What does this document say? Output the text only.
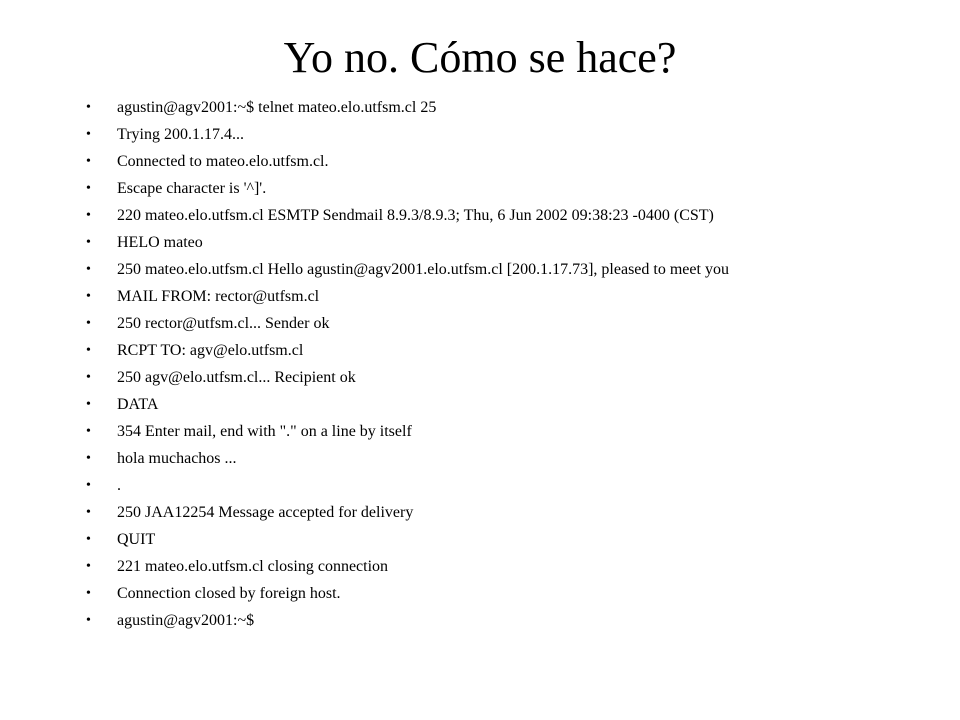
Yo no. Cómo se hace?
•	agustin@agv2001:~$ telnet mateo.elo.utfsm.cl 25
•	Trying 200.1.17.4...
•	Connected to mateo.elo.utfsm.cl.
•	Escape character is '^]'.
•	220 mateo.elo.utfsm.cl ESMTP Sendmail 8.9.3/8.9.3; Thu, 6 Jun 2002 09:38:23 -0400 (CST)
•	HELO mateo
•	250 mateo.elo.utfsm.cl Hello agustin@agv2001.elo.utfsm.cl [200.1.17.73], pleased to meet you
•	MAIL FROM: rector@utfsm.cl
•	250 rector@utfsm.cl... Sender ok
•	RCPT TO: agv@elo.utfsm.cl
•	250 agv@elo.utfsm.cl... Recipient ok
•	DATA
•	354 Enter mail, end with "." on a line by itself
•	hola muchachos ...
•	.
•	250 JAA12254 Message accepted for delivery
•	QUIT
•	221 mateo.elo.utfsm.cl closing connection
•	Connection closed by foreign host.
•	agustin@agv2001:~$
